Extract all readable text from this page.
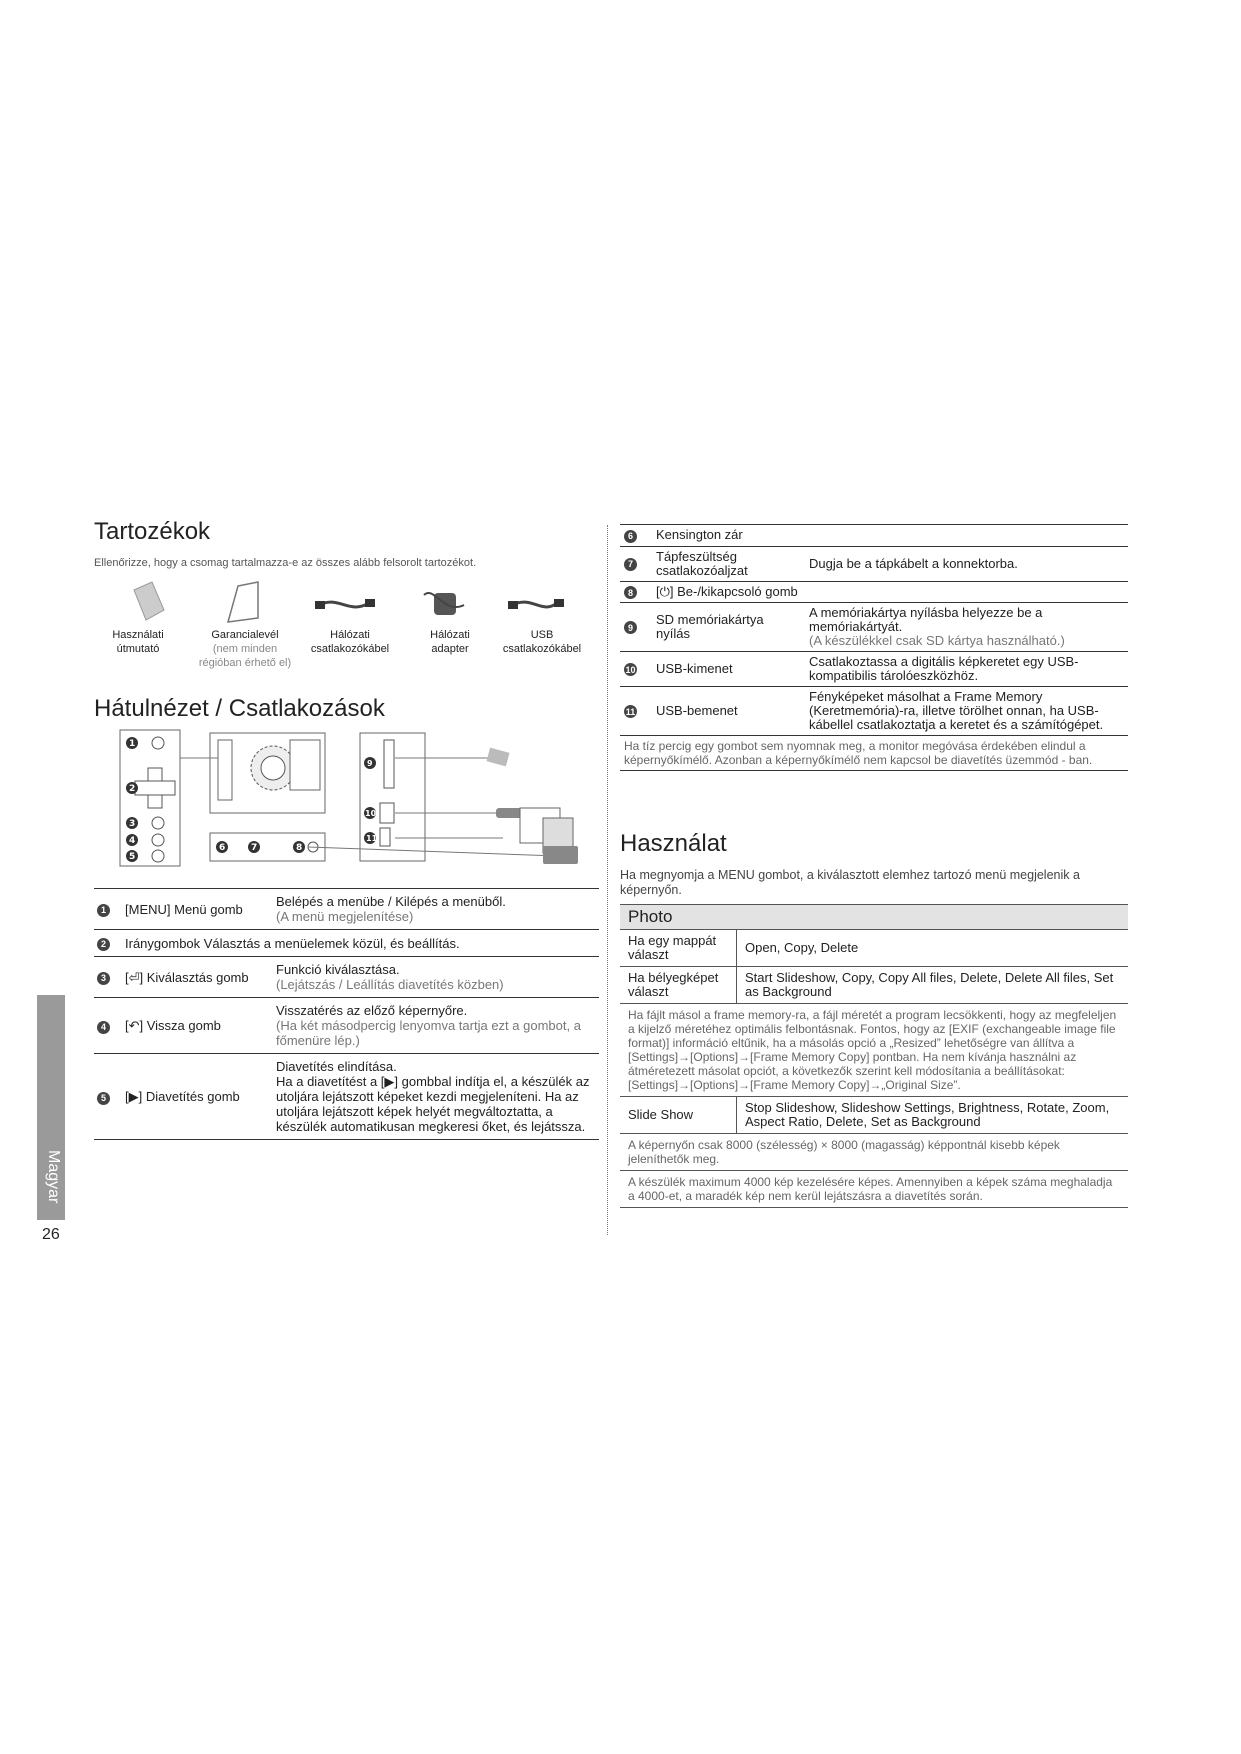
Tartozékok
Ellenőrizze, hogy a csomag tartalmazza-e az összes alább felsorolt tartozékot.
Használati
útmutató
Garancialevél
(nem minden
régióban érhető el)
Hálózati
csatlakozókábel
Hálózati
adapter
USB
csatlakozókábel
Hátulnézet / Csatlakozások
1
2
3
4
5
6	7	8
9
10
11
1	[MENU] Menü gomb	Belépés a menübe / Kilépés a menüből.
(A menü megjelenítése)

2	Iránygombok Választás a menüelemek közül, és beállítás.	
3	[⏎] Kiválasztás gomb	Funkció kiválasztása.
(Lejátszás / Leállítás diavetítés közben)

4	[↶] Vissza gomb	Visszatérés az előző képernyőre.
(Ha két másodpercig lenyomva tartja ezt a gombot, a főmenüre lép.)

5	[▶] Diavetítés gomb	Diavetítés elindítása.
Ha a diavetítést a [▶] gombbal indítja el, a készülék az utoljára lejátszott képeket kezdi megjeleníteni. Ha az utoljára lejátszott képek helyét megváltoztatta, a készülék automatikusan megkeresi őket, és lejátssza.
6	Kensington zár	
7	Tápfeszültség csatlakozóaljzat	Dugja be a tápkábelt a konnektorba.
8	[⏻] Be-/kikapcsoló gomb	
9	SD memóriakártya nyílás	A memóriakártya nyílásba helyezze be a memóriakártyát.
(A készülékkel csak SD kártya használható.)

10	USB-kimenet	Csatlakoztassa a digitális képkeretet egy USB-kompatibilis tárolóeszközhöz.
11	USB-bemenet	Fényképeket másolhat a Frame Memory (Keretmemória)-ra, illetve törölhet onnan, ha USB-kábellel csatlakoztatja a keretet és a számítógépet.
Ha tíz percig egy gombot sem nyomnak meg, a monitor megóvása érdekében elindul a képernyőkímélő. Azonban a képernyőkímélő nem kapcsol be diavetítés üzemmód - ban.		
Használat
Ha megnyomja a MENU gombot, a kiválasztott elemhez tartozó menü megjelenik a képernyőn.
Photo	
Ha egy mappát választ	Open, Copy, Delete
Ha bélyegképet választ	Start Slideshow, Copy, Copy All files, Delete, Delete All files, Set as Background
Ha fájlt másol a frame memory-ra, a fájl méretét a program lecsökkenti, hogy az megfeleljen a kijelző méretéhez optimális felbontásnak. Fontos, hogy az [EXIF (exchangeable image file format)] információ eltűnik, ha a másolás opció a „Resized” lehetőségre van állítva a [Settings]→[Options]→[Frame Memory Copy] pontban. Ha nem kívánja használni az átméretezett másolat opciót, a következők szerint kell módosítania a beállításokat: [Settings]→[Options]→[Frame Memory Copy]→„Original Size”.	
Slide Show	Stop Slideshow, Slideshow Settings, Brightness, Rotate, Zoom, Aspect Ratio, Delete, Set as Background
A képernyőn csak 8000 (szélesség) × 8000 (magasság) képpontnál kisebb képek jeleníthetők meg.	
A készülék maximum 4000 kép kezelésére képes. Amennyiben a képek száma meghaladja a 4000-et, a maradék kép nem kerül lejátszásra a diavetítés során.	
Magyar
26
